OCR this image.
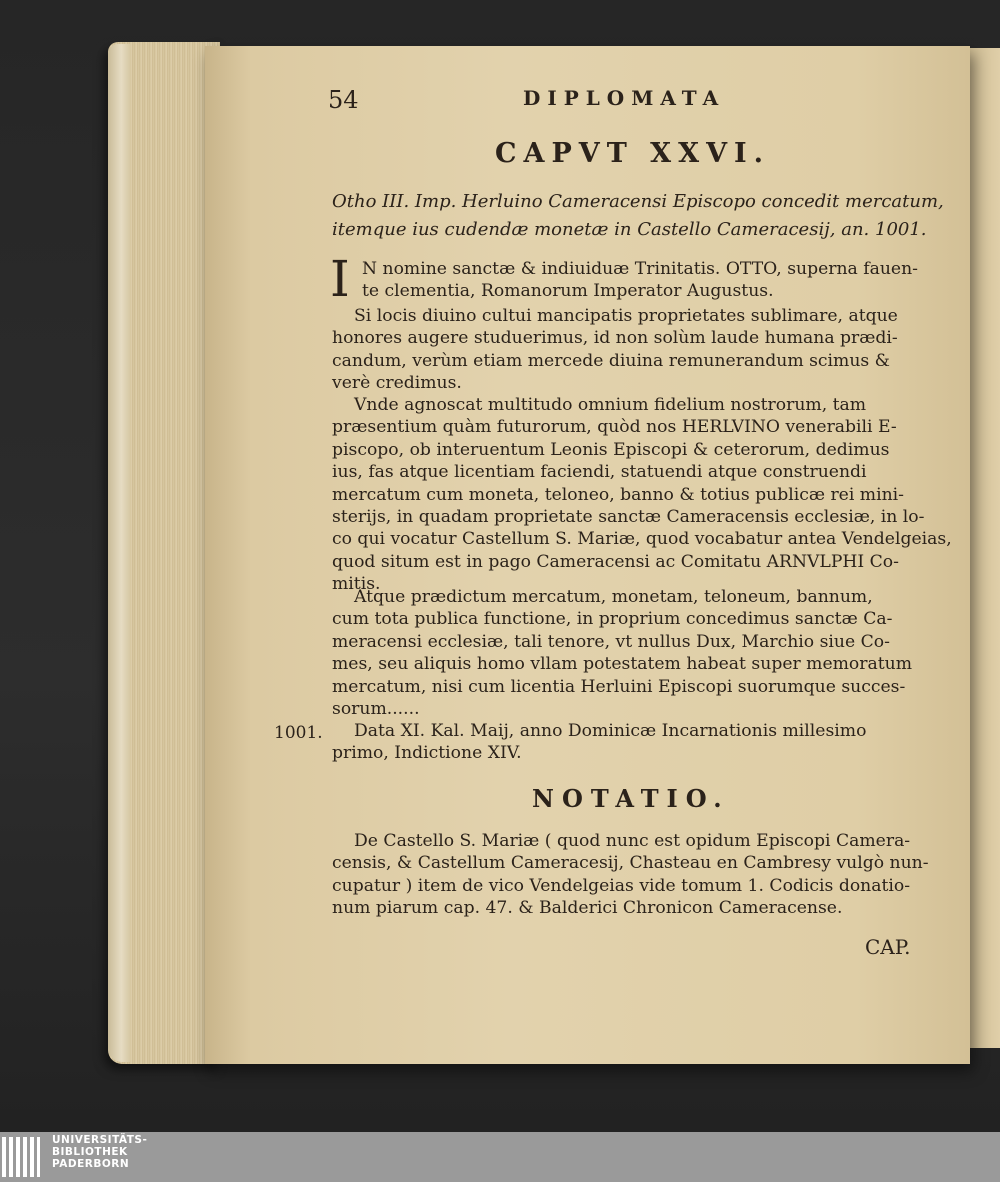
54	DIPLOMATA
CAPVT XXVI.
Otho III. Imp. Herluino Cameracensi Episcopo concedit mercatum,
itemque ius cudendæ monetæ in Castello Cameracesij, an. 1001.
I N nomine sanctæ & indiuiduæ Trinitatis. OTTO, superna fauen-
te clementia, Romanorum Imperator Augustus.
Si locis diuino cultui mancipatis proprietates sublimare, atque
honores augere studuerimus, id non solùm laude humana prædi-
candum, verùm etiam mercede diuina remunerandum scimus &
verè credimus.
Vnde agnoscat multitudo omnium fidelium nostrorum, tam
præsentium quàm futurorum, quòd nos HERLVINO venerabili E-
piscopo, ob interuentum Leonis Episcopi & ceterorum, dedimus
ius, fas atque licentiam faciendi, statuendi atque construendi
mercatum cum moneta, teloneo, banno & totius publicæ rei mini-
sterijs, in quadam proprietate sanctæ Cameracensis ecclesiæ, in lo-
co qui vocatur Castellum S. Mariæ, quod vocabatur antea Vendelgeias,
quod situm est in pago Cameracensi ac Comitatu ARNVLPHI Co-
mitis.
Atque prædictum mercatum, monetam, teloneum, bannum,
cum tota publica functione, in proprium concedimus sanctæ Ca-
meracensi ecclesiæ, tali tenore, vt nullus Dux, Marchio siue Co-
mes, seu aliquis homo vllam potestatem habeat super memoratum
mercatum, nisi cum licentia Herluini Episcopi suorumque succes-
sorum......
1001.	Data XI. Kal. Maij, anno Dominicæ Incarnationis millesimo
primo, Indictione XIV.
NOTATIO.
De Castello S. Mariæ ( quod nunc est opidum Episcopi Camera-
censis, & Castellum Cameracesij, Chasteau en Cambresy vulgò nun-
cupatur ) item de vico Vendelgeias vide tomum 1. Codicis donatio-
num piarum cap. 47. & Balderici Chronicon Cameracense.
CAP.
UNIVERSITÄTS-
BIBLIOTHEK
PADERBORN
